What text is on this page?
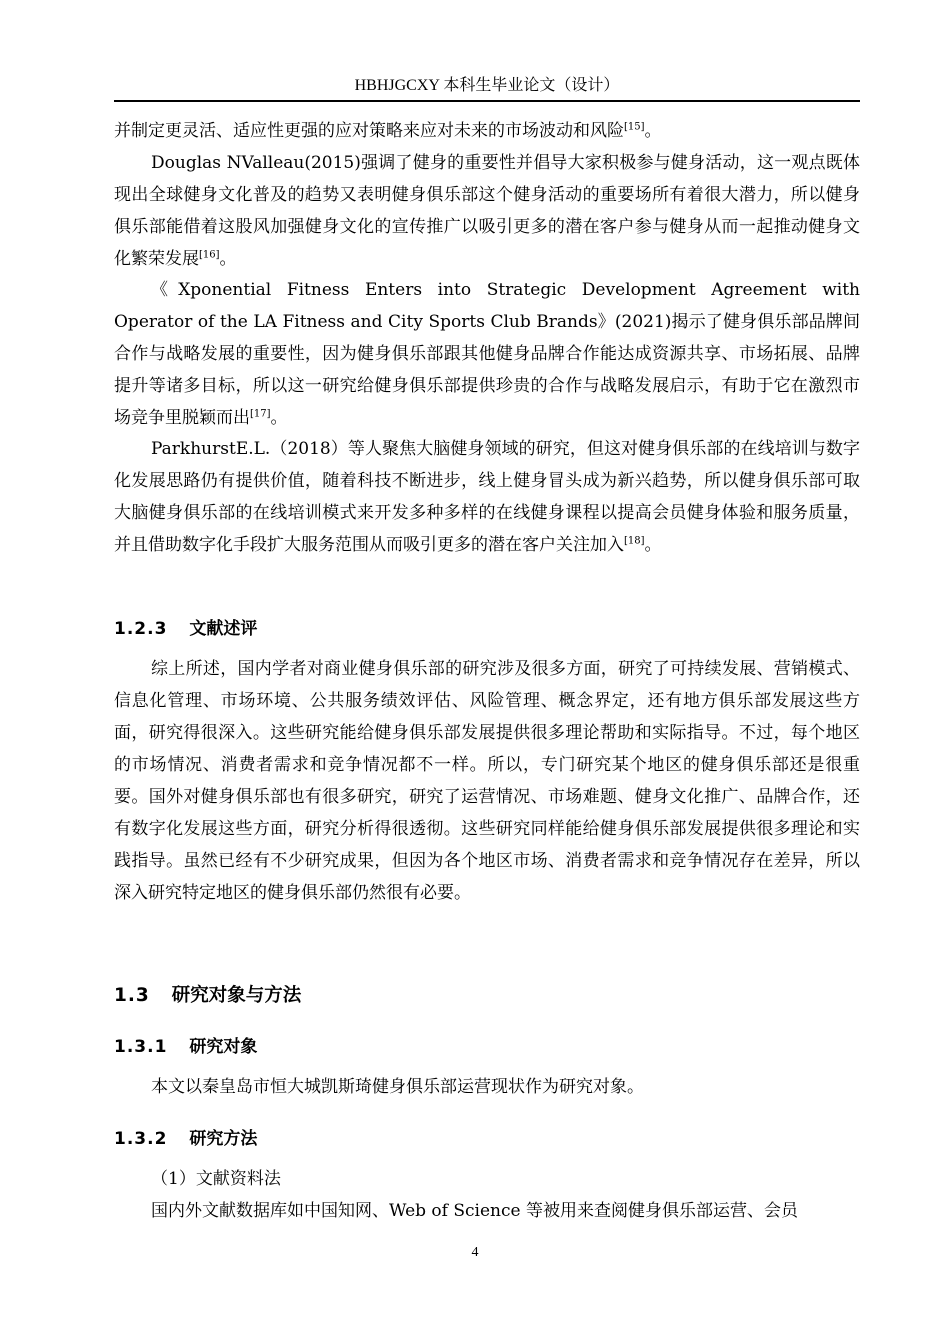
HBHJGCXY 本科生毕业论文（设计）

并制定更灵活、适应性更强的应对策略来应对未来的市场波动和风险[15]。

Douglas NValleau(2015)强调了健身的重要性并倡导大家积极参与健身活动，这一观点既体现出全球健身文化普及的趋势又表明健身俱乐部这个健身活动的重要场所有着很大潜力，所以健身俱乐部能借着这股风加强健身文化的宣传推广以吸引更多的潜在客户参与健身从而一起推动健身文化繁荣发展[16]。

《Xponential Fitness Enters into Strategic Development Agreement with Operator of the LA Fitness and City Sports Club Brands》(2021)揭示了健身俱乐部品牌间合作与战略发展的重要性，因为健身俱乐部跟其他健身品牌合作能达成资源共享、市场拓展、品牌提升等诸多目标，所以这一研究给健身俱乐部提供珍贵的合作与战略发展启示，有助于它在激烈市场竞争里脱颖而出[17]。

ParkhurstE.L.（2018）等人聚焦大脑健身领域的研究，但这对健身俱乐部的在线培训与数字化发展思路仍有提供价值，随着科技不断进步，线上健身冒头成为新兴趋势，所以健身俱乐部可取大脑健身俱乐部的在线培训模式来开发多种多样的在线健身课程以提高会员健身体验和服务质量，并且借助数字化手段扩大服务范围从而吸引更多的潜在客户关注加入[18]。

1.2.3 文献述评

综上所述，国内学者对商业健身俱乐部的研究涉及很多方面，研究了可持续发展、营销模式、信息化管理、市场环境、公共服务绩效评估、风险管理、概念界定，还有地方俱乐部发展这些方面，研究得很深入。这些研究能给健身俱乐部发展提供很多理论帮助和实际指导。不过，每个地区的市场情况、消费者需求和竞争情况都不一样。所以，专门研究某个地区的健身俱乐部还是很重要。国外对健身俱乐部也有很多研究，研究了运营情况、市场难题、健身文化推广、品牌合作，还有数字化发展这些方面，研究分析得很透彻。这些研究同样能给健身俱乐部发展提供很多理论和实践指导。虽然已经有不少研究成果，但因为各个地区市场、消费者需求和竞争情况存在差异，所以深入研究特定地区的健身俱乐部仍然很有必要。

1.3 研究对象与方法
1.3.1 研究对象

本文以秦皇岛市恒大城凯斯琦健身俱乐部运营现状作为研究对象。

1.3.2 研究方法

（1）文献资料法

国内外文献数据库如中国知网、Web of Science 等被用来查阅健身俱乐部运营、会员

4
